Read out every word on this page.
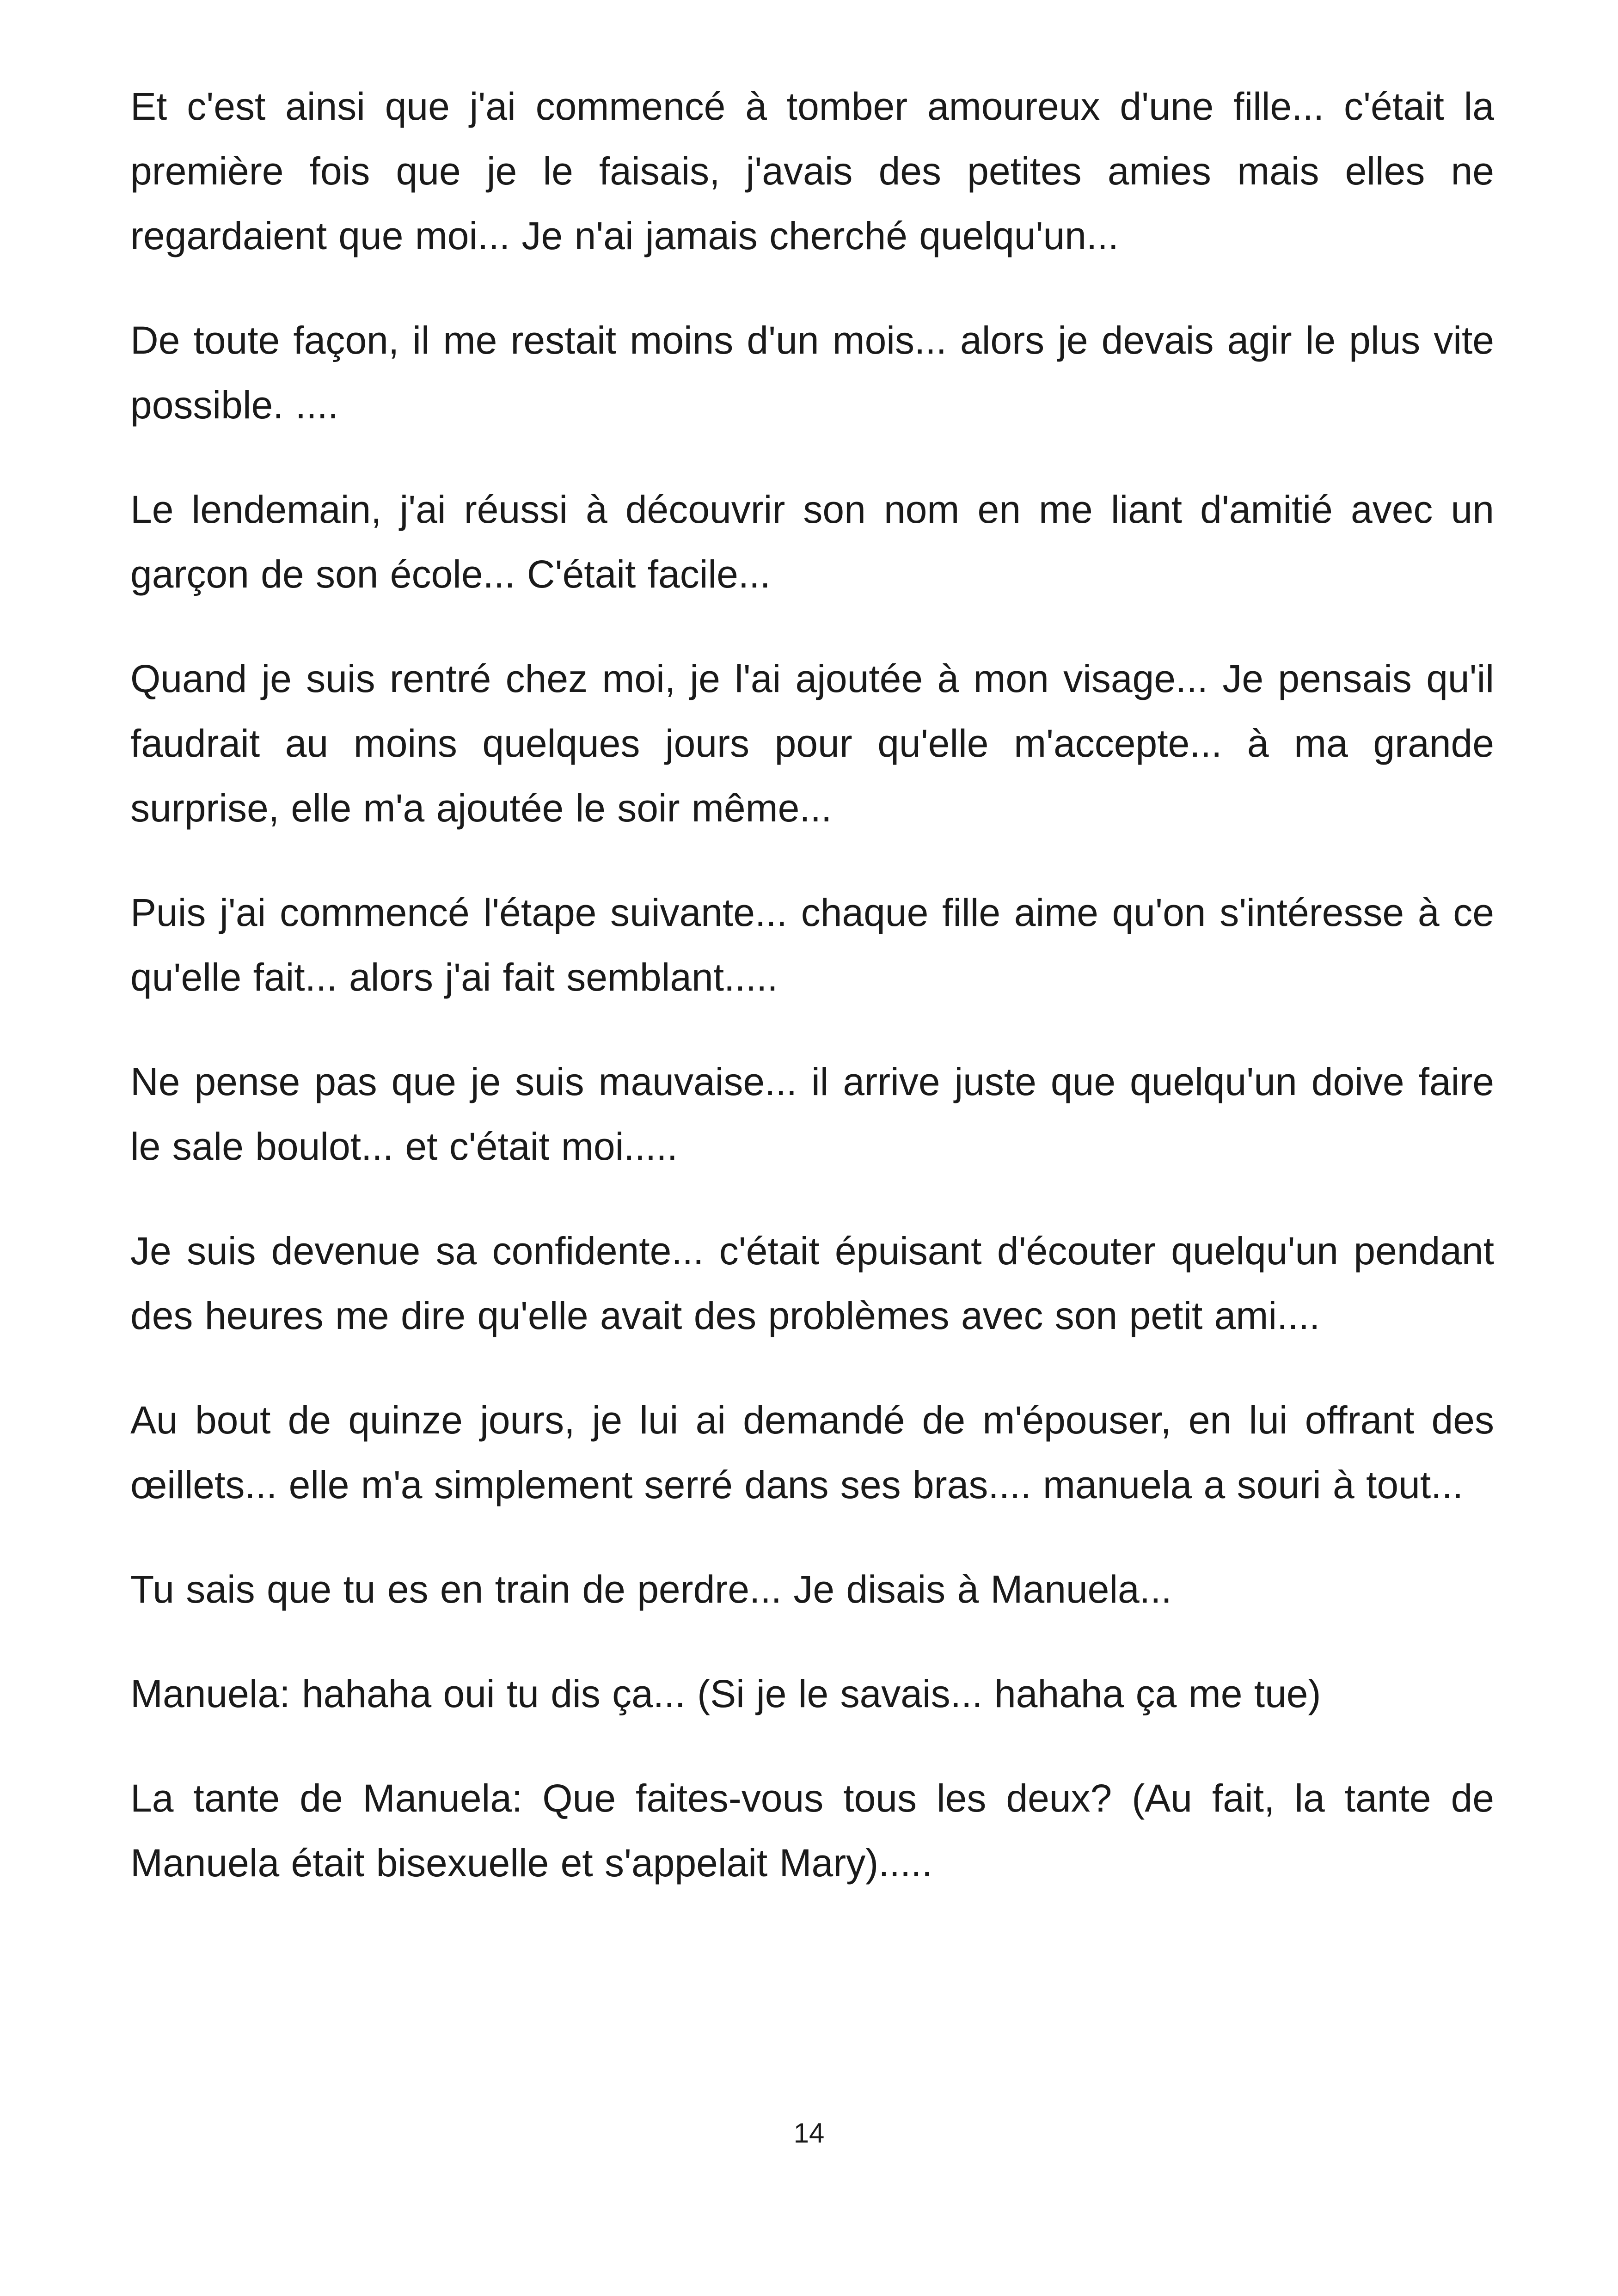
Et c'est ainsi que j'ai commencé à tomber amoureux d'une fille... c'était la première fois que je le faisais, j'avais des petites amies mais elles ne regardaient que moi... Je n'ai jamais cherché quelqu'un...

De toute façon, il me restait moins d'un mois... alors je devais agir le plus vite possible. ....

Le lendemain, j'ai réussi à découvrir son nom en me liant d'amitié avec un garçon de son école... C'était facile...

Quand je suis rentré chez moi, je l'ai ajoutée à mon visage... Je pensais qu'il faudrait au moins quelques jours pour qu'elle m'accepte... à ma grande surprise, elle m'a ajoutée le soir même...

Puis j'ai commencé l'étape suivante... chaque fille aime qu'on s'intéresse à ce qu'elle fait... alors j'ai fait semblant.....

Ne pense pas que je suis mauvaise... il arrive juste que quelqu'un doive faire le sale boulot... et c'était moi.....

Je suis devenue sa confidente... c'était épuisant d'écouter quelqu'un pendant des heures me dire qu'elle avait des problèmes avec son petit ami....

Au bout de quinze jours, je lui ai demandé de m'épouser, en lui offrant des œillets... elle m'a simplement serré dans ses bras.... manuela a souri à tout...

Tu sais que tu es en train de perdre... Je disais à Manuela...

Manuela: hahaha oui tu dis ça... (Si je le savais... hahaha ça me tue)

La tante de Manuela: Que faites-vous tous les deux? (Au fait, la tante de Manuela était bisexuelle et s'appelait Mary).....

14
